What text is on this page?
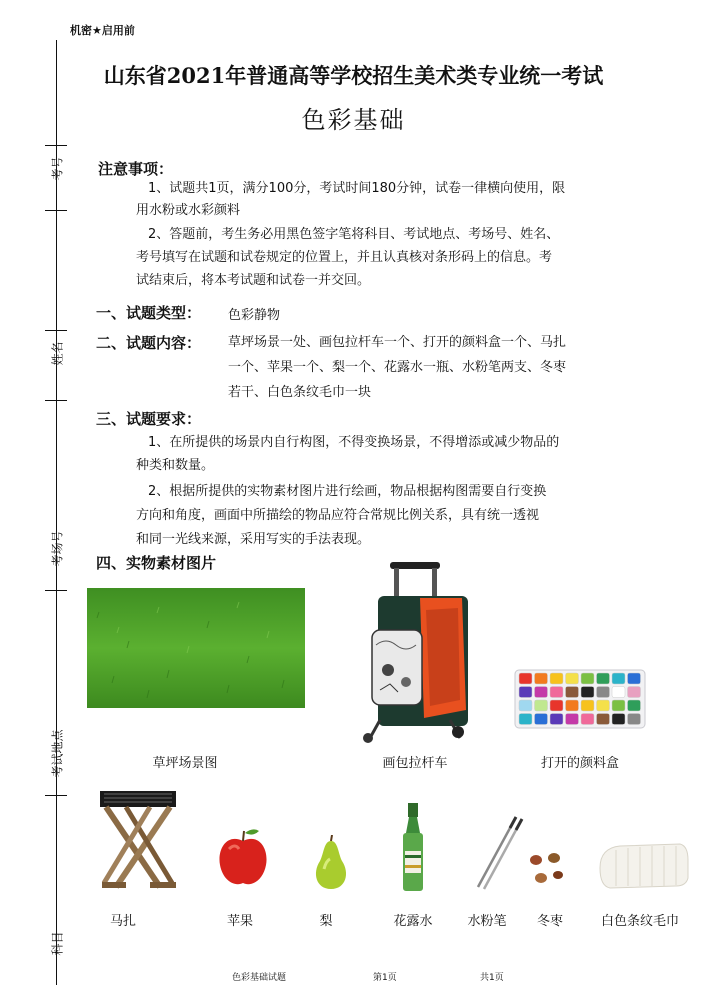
机密★启用前
山东省2021年普通高等学校招生美术类专业统一考试
色彩基础
考号
姓名
考场号
考试地点
科目
注意事项：
1、试题共1页，满分100分，考试时间180分钟，试卷一律横向使用，限
用水粉或水彩颜料
2、答题前，考生务必用黑色签字笔将科目、考试地点、考场号、姓名、
考号填写在试题和试卷规定的位置上，并且认真核对条形码上的信息。考
试结束后，将本考试题和试卷一并交回。
一、试题类型： 色彩静物
二、试题内容： 草坪场景一处、画包拉杆车一个、打开的颜料盒一个、马扎
一个、苹果一个、梨一个、花露水一瓶、水粉笔两支、冬枣
若干、白色条纹毛巾一块
三、试题要求：
1、在所提供的场景内自行构图，不得变换场景，不得增添或减少物品的
种类和数量。
2、根据所提供的实物素材图片进行绘画，物品根据构图需要自行变换
方向和角度，画面中所描绘的物品应符合常规比例关系，具有统一透视
和同一光线来源，采用写实的手法表现。
四、实物素材图片
草坪场景图	画包拉杆车	打开的颜料盒
马扎	苹果	梨	花露水	水粉笔	冬枣	白色条纹毛巾
色彩基础试题	第1页	共1页
